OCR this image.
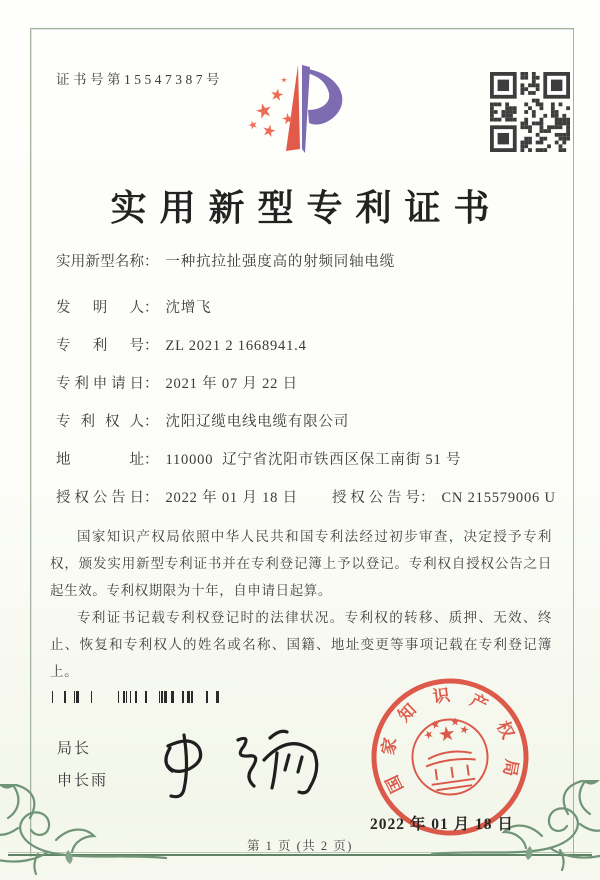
证书号第15547387号
实用新型专利证书
实用新型名称： 一种抗拉扯强度高的射频同轴电缆
发明人： 沈增飞
专利号： ZL 2021 2 1668941.4
专利申请日： 2021 年 07 月 22 日
专利权人： 沈阳辽缆电线电缆有限公司
地址： 110000  辽宁省沈阳市铁西区保工南街 51 号
授权公告日： 2022 年 01 月 18 日 授权公告号： CN 215579006 U

国家知识产权局依照中华人民共和国专利法经过初步审查，决定授予专利权，颁发实用新型专利证书并在专利登记簿上予以登记。专利权自授权公告之日起生效。专利权期限为十年，自申请日起算。

专利证书记载专利权登记时的法律状况。专利权的转移、质押、无效、终止、恢复和专利权人的姓名或名称、国籍、地址变更等事项记载在专利登记簿上。

局长
申长雨	国
家
知
识 产
权
局
2022 年 01 月 18 日
第 1 页 (共 2 页)
